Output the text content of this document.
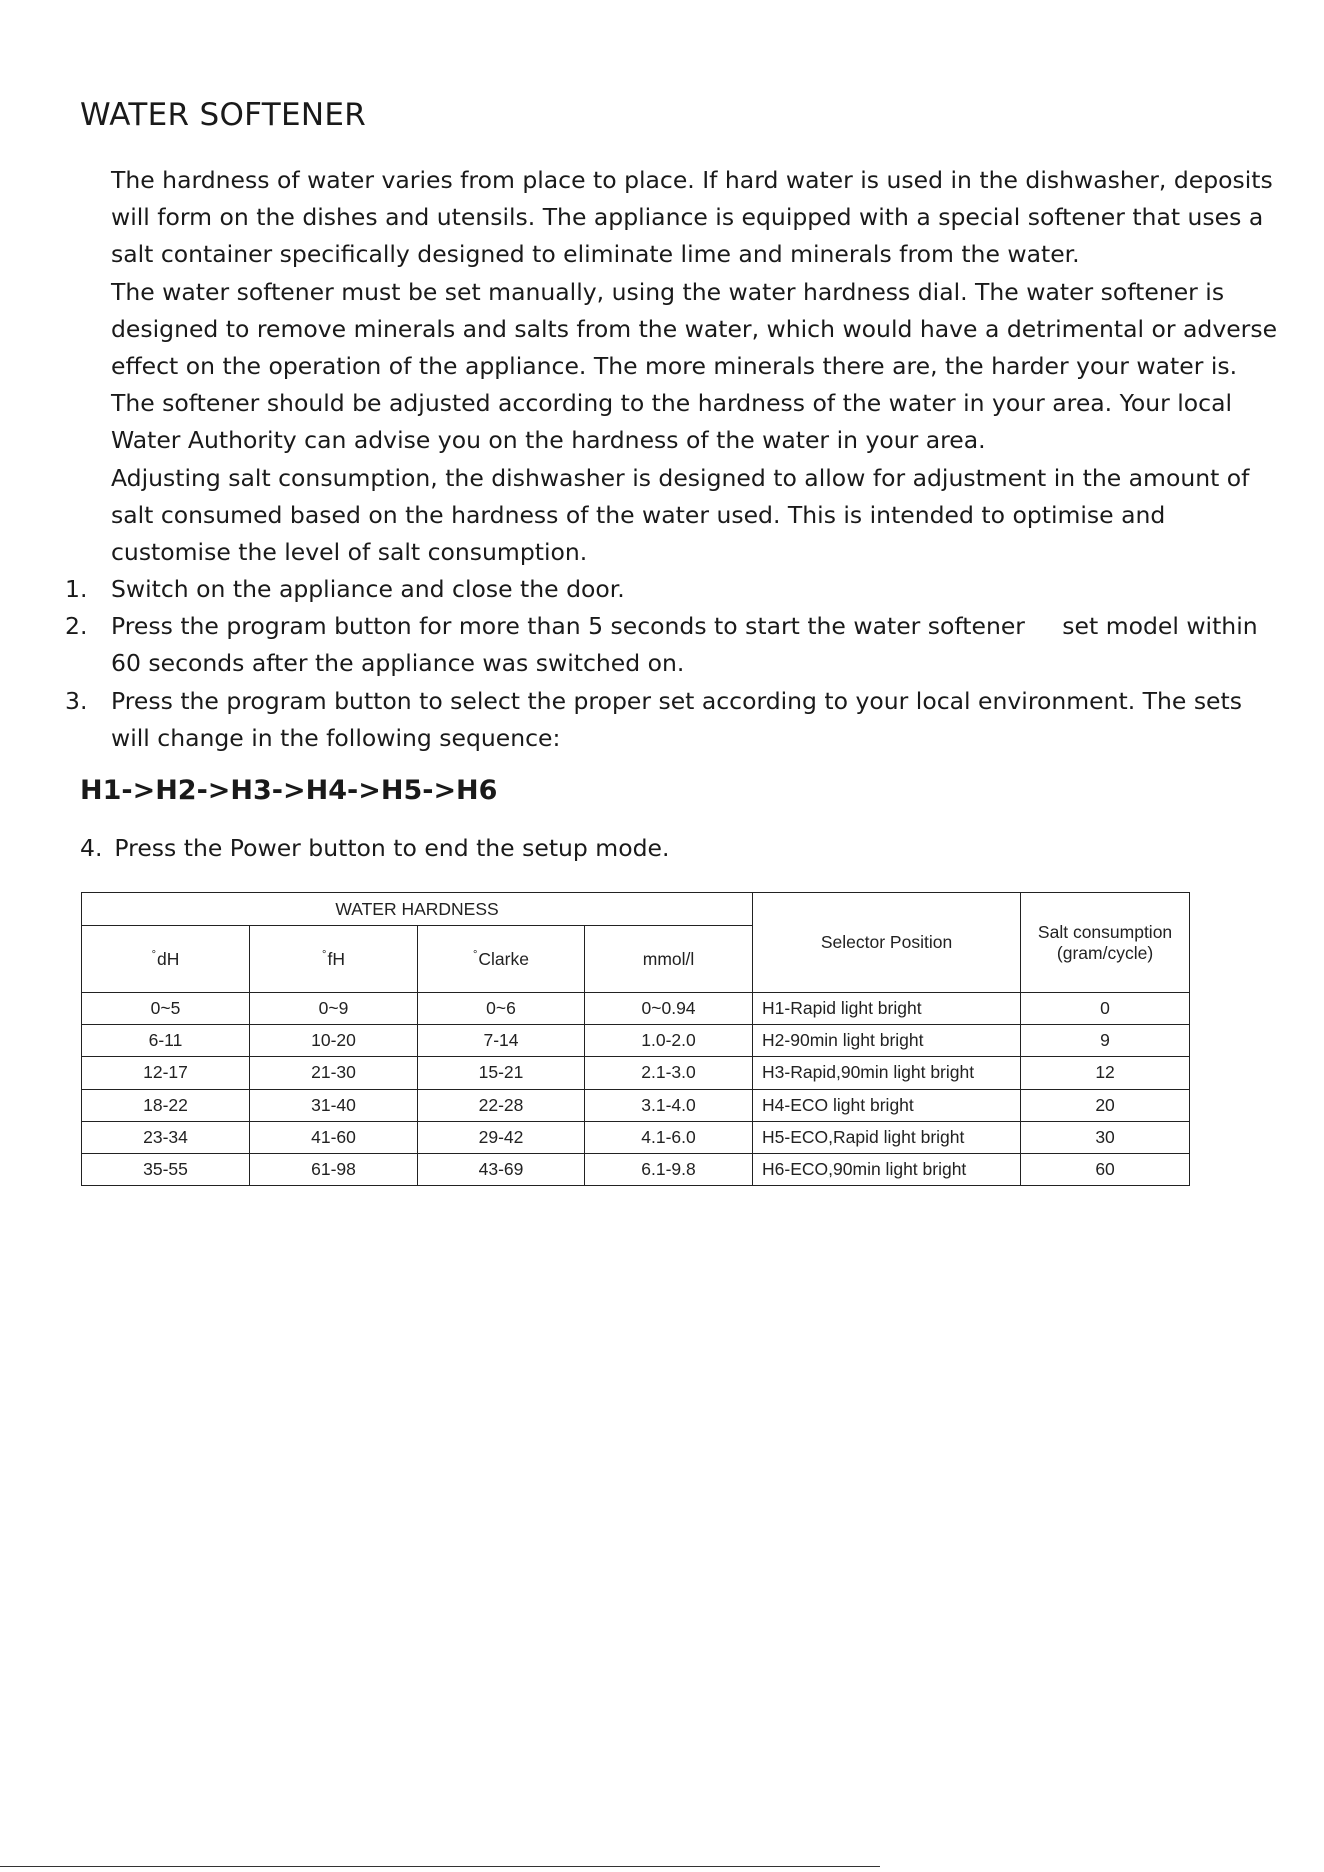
WATER SOFTENER
The hardness of water varies from place to place. If hard water is used in the dishwasher, deposits will form on the dishes and utensils. The appliance is equipped with a special softener that uses a salt container specifically designed to eliminate lime and minerals from the water.
The water softener must be set manually, using the water hardness dial. The water softener is designed to remove minerals and salts from the water, which would have a detrimental or adverse effect on the operation of the appliance. The more minerals there are, the harder your water is. The softener should be adjusted according to the hardness of the water in your area. Your local Water Authority can advise you on the hardness of the water in your area.
Adjusting salt consumption, the dishwasher is designed to allow for adjustment in the amount of salt consumed based on the hardness of the water used. This is intended to optimise and customise the level of salt consumption.
1. Switch on the appliance and close the door.
2. Press the program button for more than 5 seconds to start the water softener     set model within 60 seconds after the appliance was switched on.
3. Press the program button to select the proper set according to your local environment. The sets will change in the following sequence:
H1->H2->H3->H4->H5->H6
4. Press the Power button to end the setup mode.
WATER HARDNESS				Selector Position	Salt consumption
(gram/cycle)

°dH	°fH	°Clarke	mmol/l		
0~5	0~9	0~6	0~0.94	H1-Rapid light bright	0
6-11	10-20	7-14	1.0-2.0	H2-90min light bright	9
12-17	21-30	15-21	2.1-3.0	H3-Rapid,90min light bright	12
18-22	31-40	22-28	3.1-4.0	H4-ECO light bright	20
23-34	41-60	29-42	4.1-6.0	H5-ECO,Rapid light bright	30
35-55	61-98	43-69	6.1-9.8	H6-ECO,90min light bright	60
